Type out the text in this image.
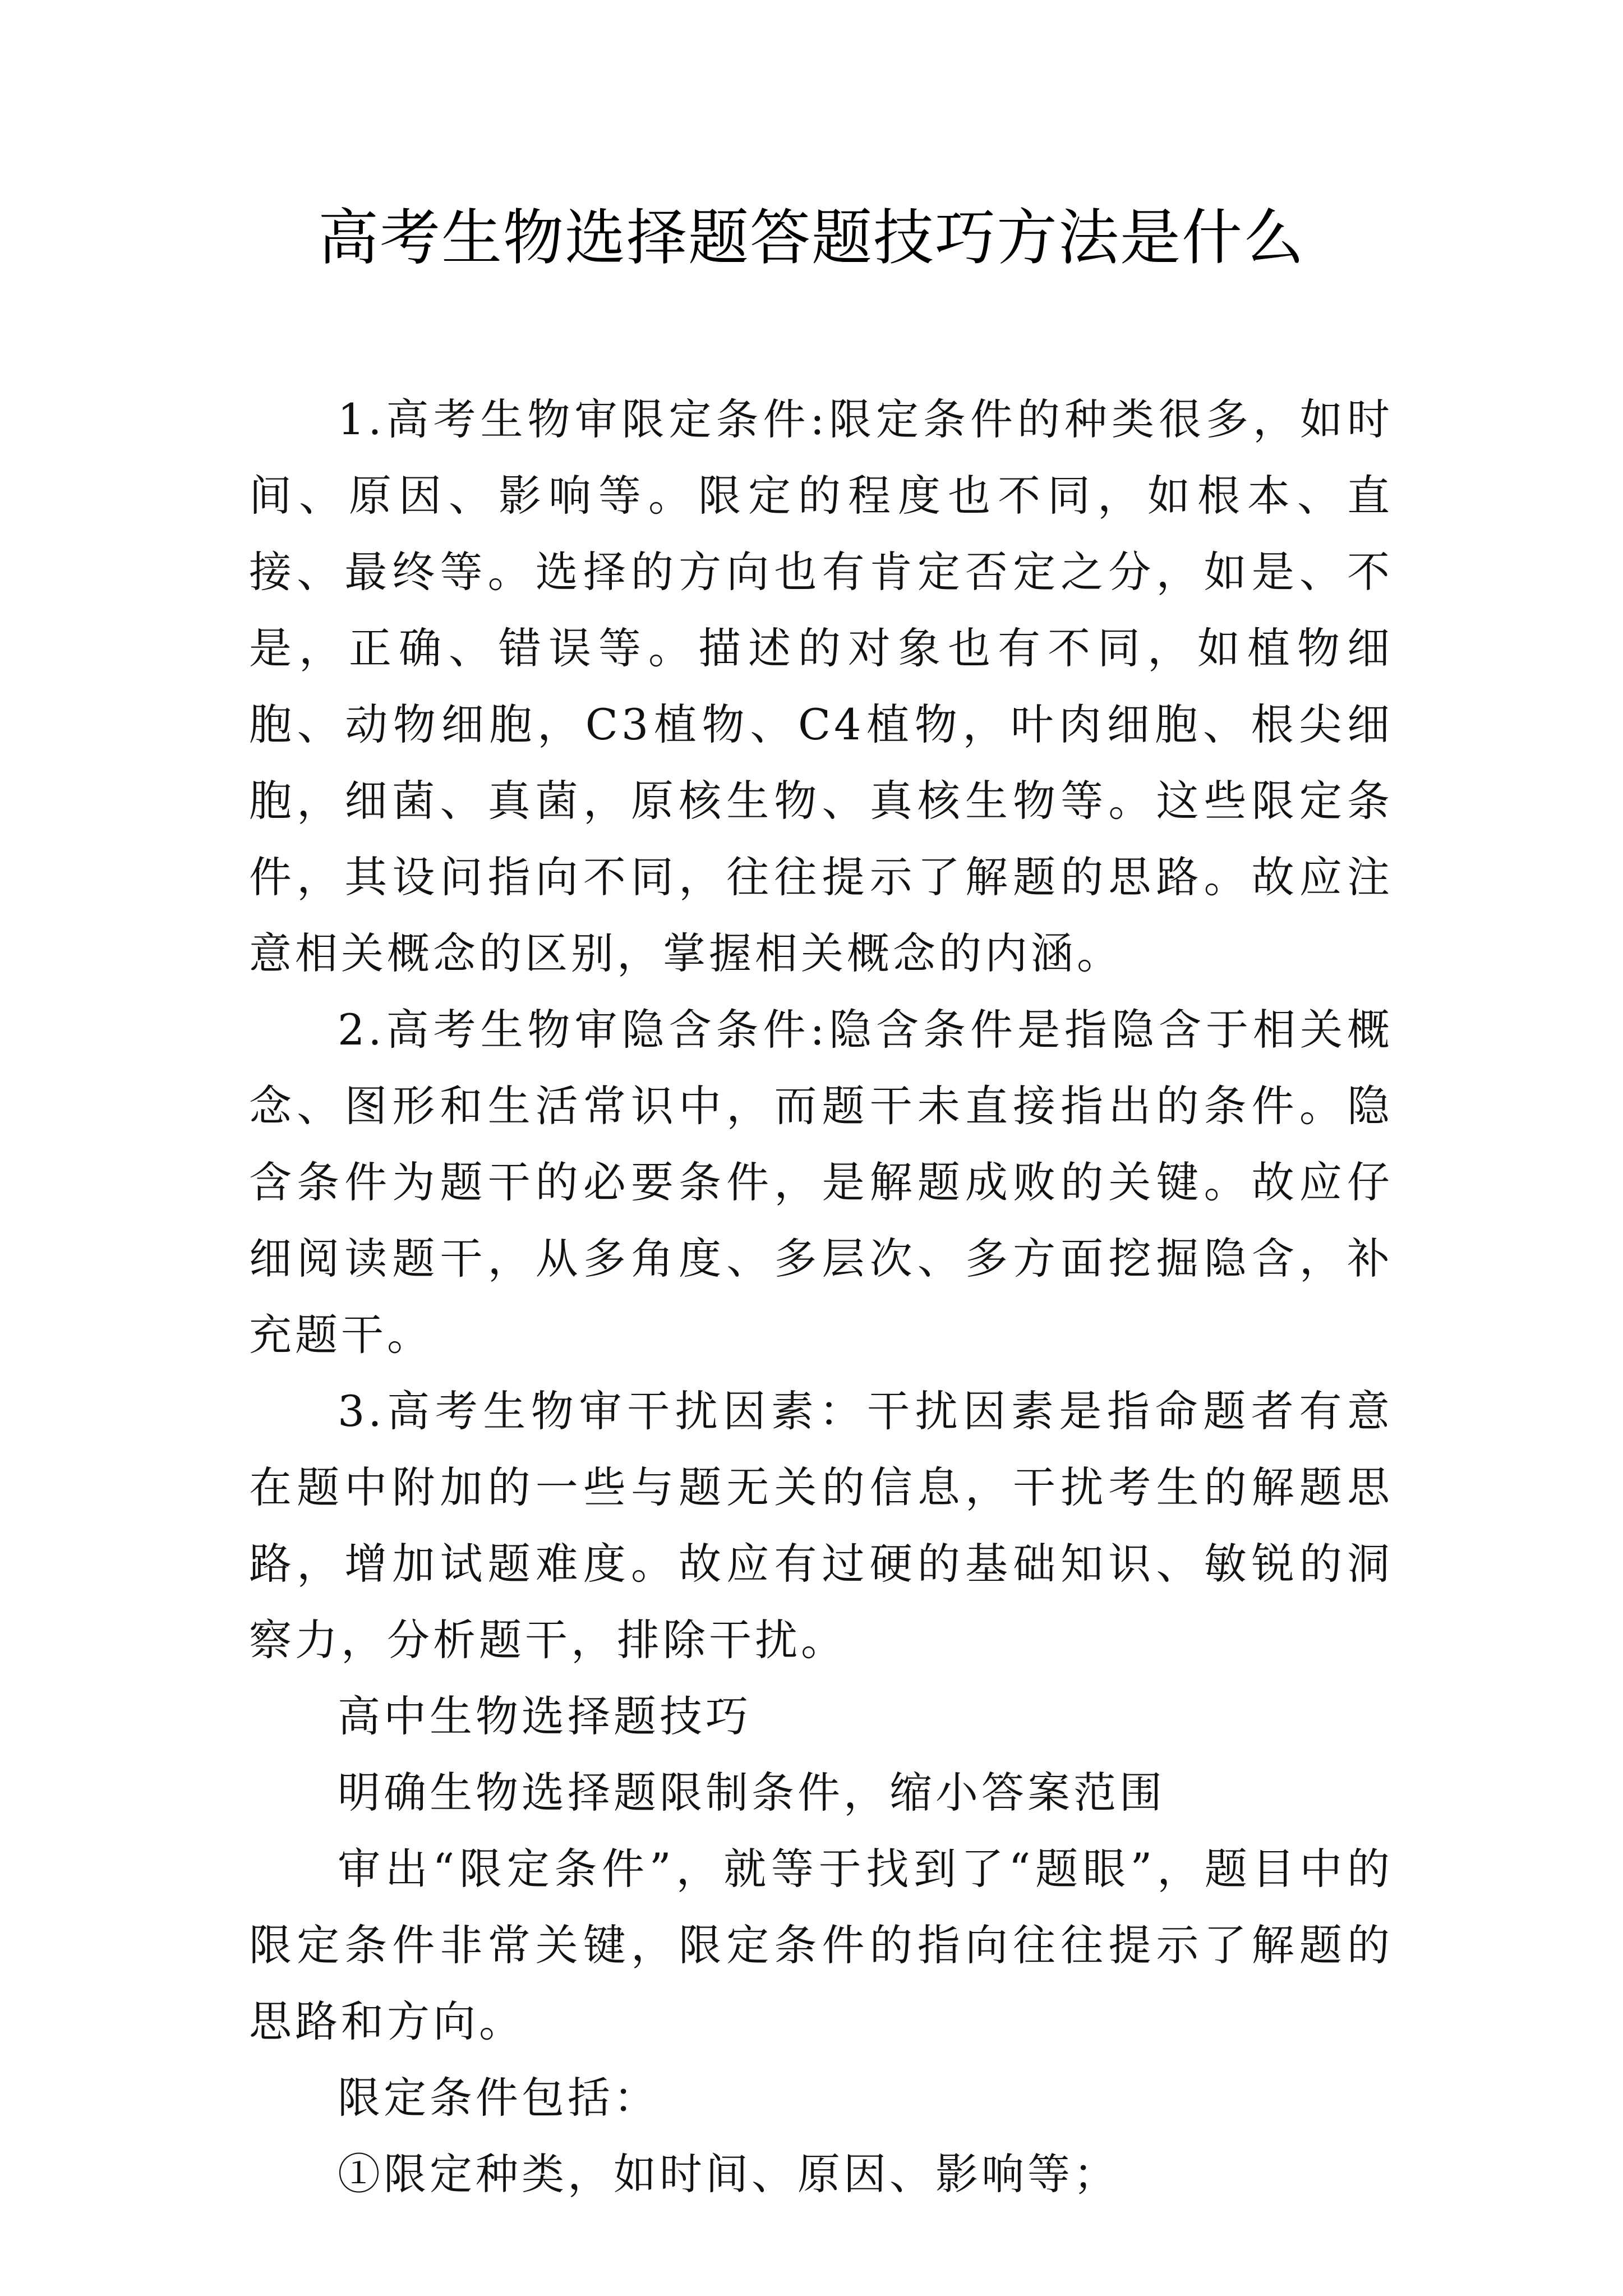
高考生物选择题答题技巧方法是什么

1.高考生物审限定条件:限定条件的种类很多，如时间、原因、影响等。限定的程度也不同，如根本、直接、最终等。选择的方向也有肯定否定之分，如是、不是，正确、错误等。描述的对象也有不同，如植物细胞、动物细胞，C3植物、C4植物，叶肉细胞、根尖细胞，细菌、真菌，原核生物、真核生物等。这些限定条件，其设问指向不同，往往提示了解题的思路。故应注意相关概念的区别，掌握相关概念的内涵。

2.高考生物审隐含条件:隐含条件是指隐含于相关概念、图形和生活常识中，而题干未直接指出的条件。隐含条件为题干的必要条件，是解题成败的关键。故应仔细阅读题干，从多角度、多层次、多方面挖掘隐含，补充题干。

3.高考生物审干扰因素：干扰因素是指命题者有意在题中附加的一些与题无关的信息，干扰考生的解题思路，增加试题难度。故应有过硬的基础知识、敏锐的洞察力，分析题干，排除干扰。

高中生物选择题技巧

明确生物选择题限制条件，缩小答案范围

审出“限定条件”，就等于找到了“题眼”，题目中的限定条件非常关键，限定条件的指向往往提示了解题的思路和方向。

限定条件包括：

①限定种类，如时间、原因、影响等；
